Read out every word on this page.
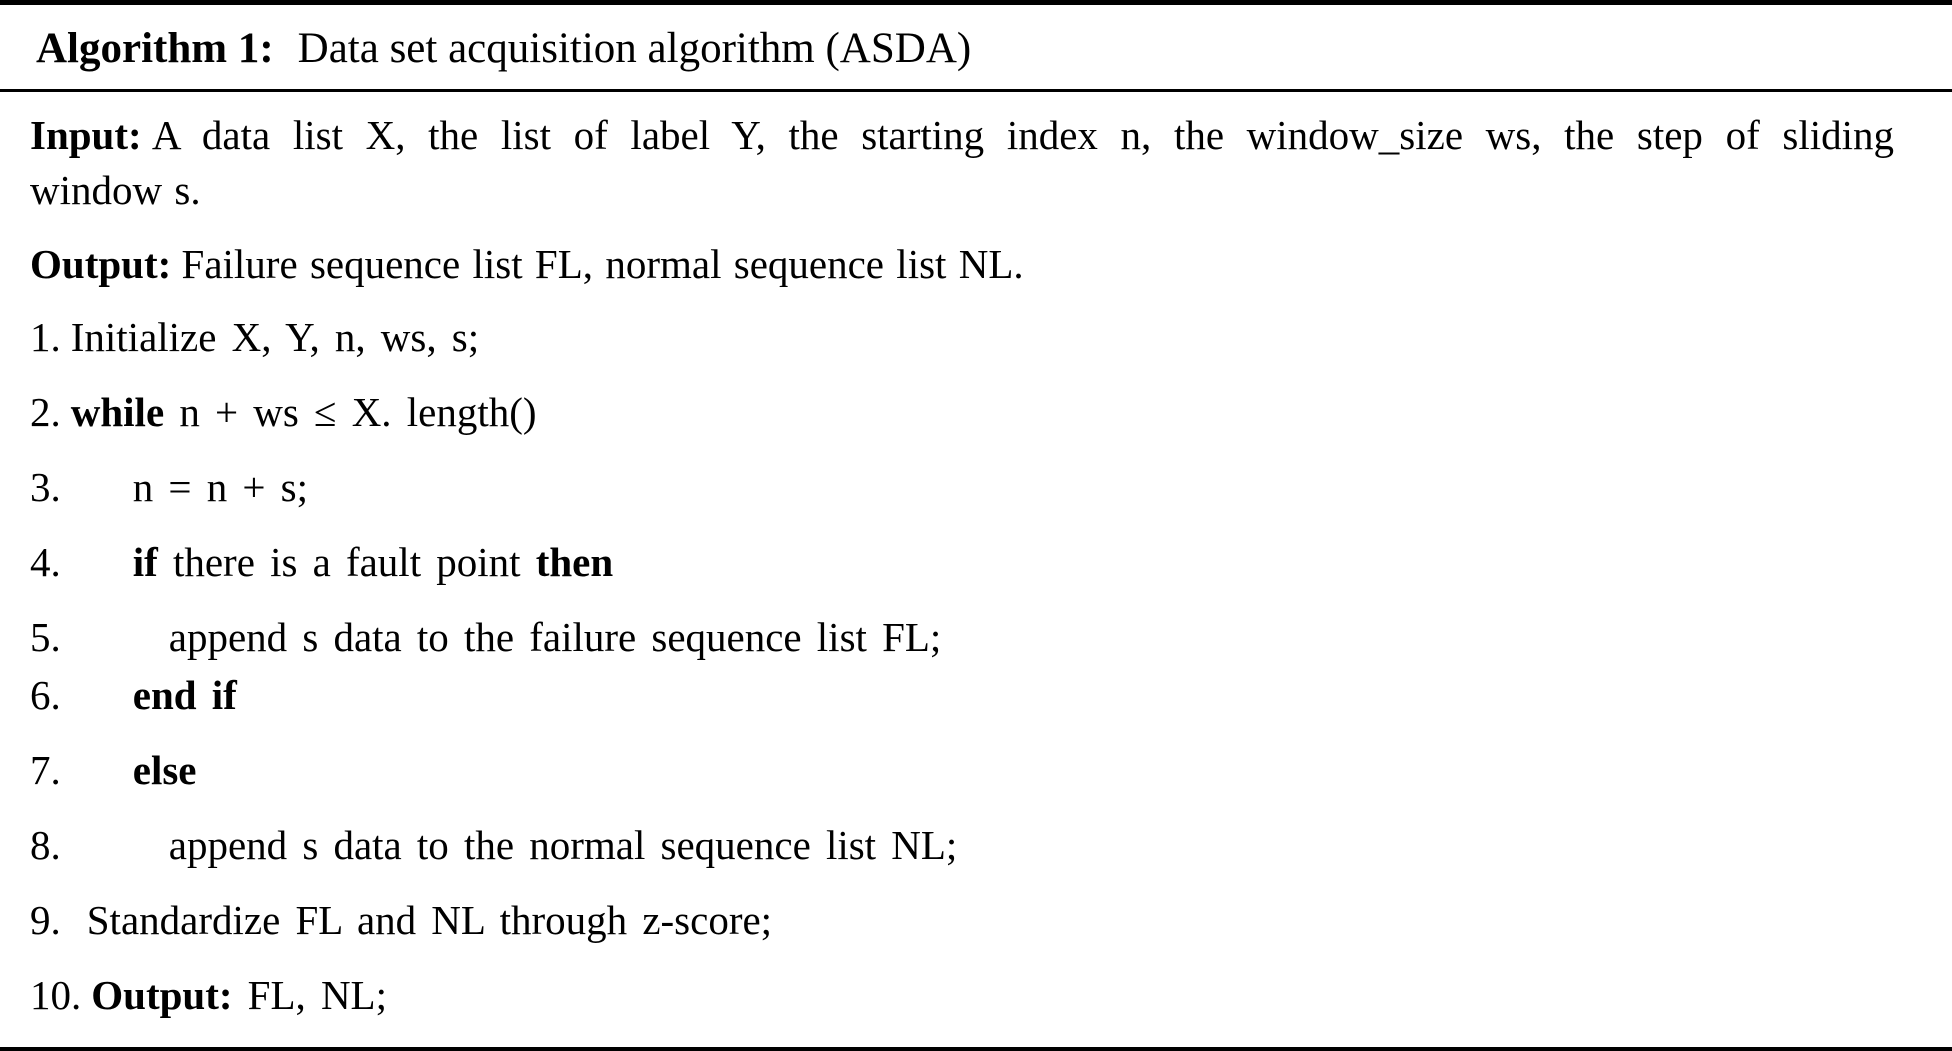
Algorithm 1: Data set acquisition algorithm (ASDA)
Input: A data list X, the list of label Y, the starting index n, the window_size ws, the step of sliding
window s.
Output: Failure sequence list FL, normal sequence list NL.
1. Initialize X, Y, n, ws, s;
2. while n + ws ≤ X. length()
3. n = n + s;
4. if there is a fault point then
5.	append s data to the failure sequence list FL;
6. end if
7. else
8.	append s data to the normal sequence list NL;
9. Standardize FL and NL through z-score;
10. Output: FL, NL;
